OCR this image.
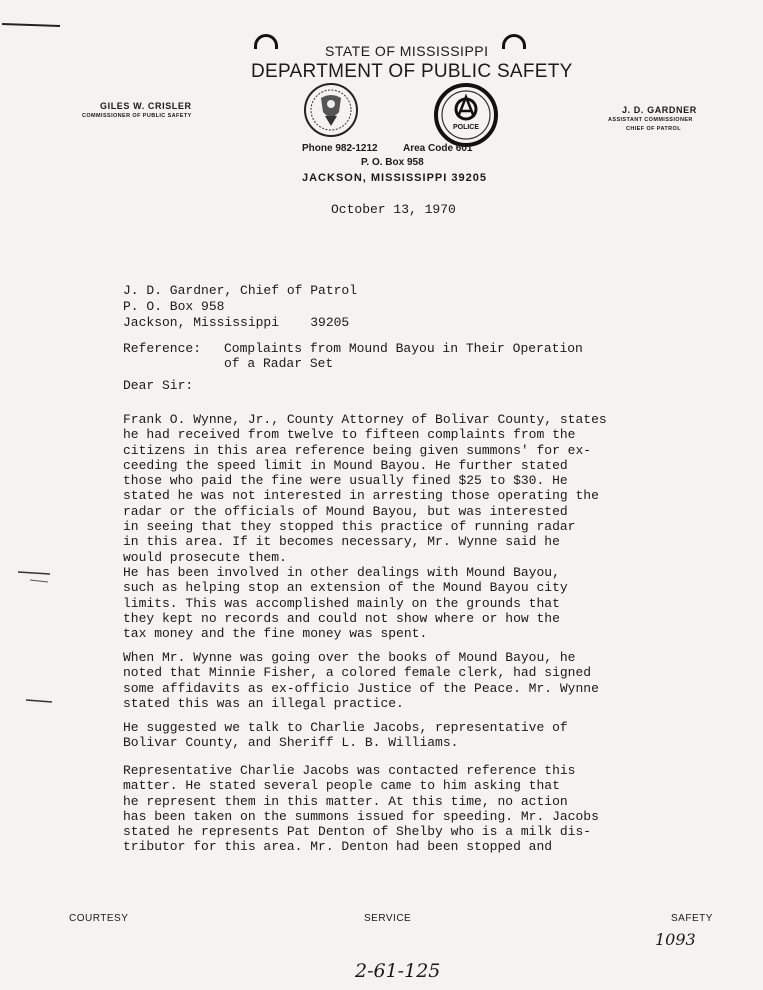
STATE OF MISSISSIPPI
DEPARTMENT OF PUBLIC SAFETY
GILES W. CRISLER
COMMISSIONER OF PUBLIC SAFETY
J. D. GARDNER
ASSISTANT COMMISSIONER
CHIEF OF PATROL
POLICE
Phone 982-1212	Area Code 601
P. O. Box 958
JACKSON, MISSISSIPPI 39205
October 13, 1970
J. D. Gardner, Chief of Patrol
P. O. Box 958
Jackson, Mississippi    39205
Reference: Complaints from Mound Bayou in Their Operation
of a Radar Set
Dear Sir:
Frank O. Wynne, Jr., County Attorney of Bolivar County, states
he had received from twelve to fifteen complaints from the
citizens in this area reference being given summons' for ex-
ceeding the speed limit in Mound Bayou. He further stated
those who paid the fine were usually fined $25 to $30. He
stated he was not interested in arresting those operating the
radar or the officials of Mound Bayou, but was interested
in seeing that they stopped this practice of running radar
in this area. If it becomes necessary, Mr. Wynne said he
would prosecute them.
He has been involved in other dealings with Mound Bayou,
such as helping stop an extension of the Mound Bayou city
limits. This was accomplished mainly on the grounds that
they kept no records and could not show where or how the
tax money and the fine money was spent.
When Mr. Wynne was going over the books of Mound Bayou, he
noted that Minnie Fisher, a colored female clerk, had signed
some affidavits as ex-officio Justice of the Peace. Mr. Wynne
stated this was an illegal practice.
He suggested we talk to Charlie Jacobs, representative of
Bolivar County, and Sheriff L. B. Williams.
Representative Charlie Jacobs was contacted reference this
matter. He stated several people came to him asking that
he represent them in this matter. At this time, no action
has been taken on the summons issued for speeding. Mr. Jacobs
stated he represents Pat Denton of Shelby who is a milk dis-
tributor for this area. Mr. Denton had been stopped and
COURTESY	SERVICE	SAFETY
1093
2-61-125
